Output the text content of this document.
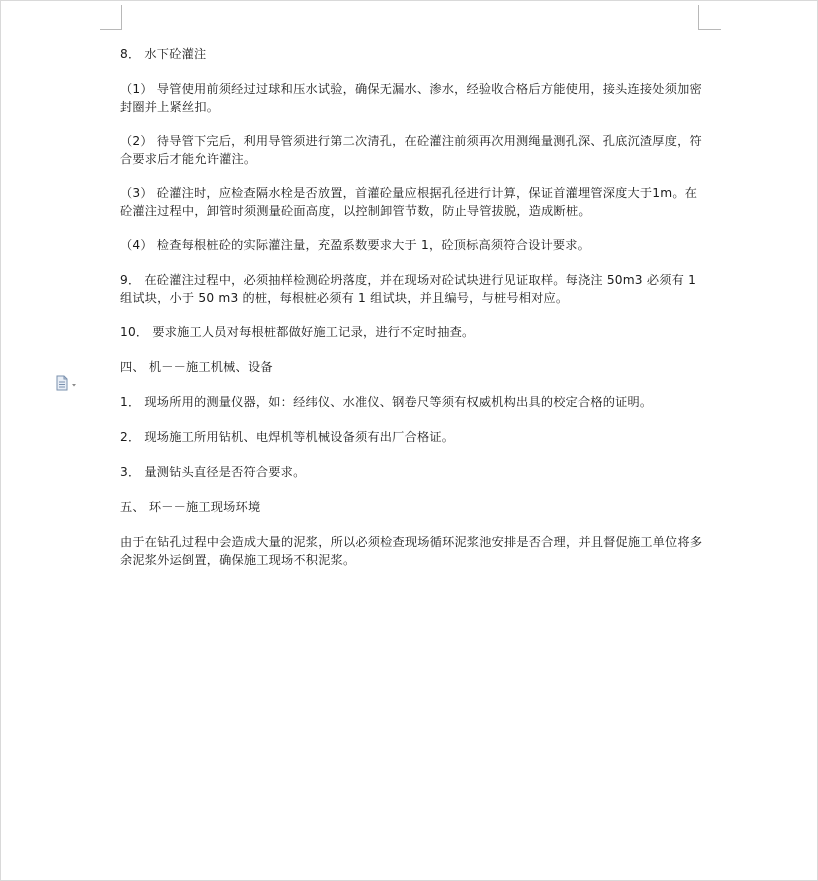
8． 水下砼灌注

（1） 导管使用前须经过过球和压水试验，确保无漏水、渗水，经验收合格后方能使用，接头连接处须加密封圈并上紧丝扣。

（2） 待导管下完后，利用导管须进行第二次清孔，在砼灌注前须再次用测绳量测孔深、孔底沉渣厚度，符合要求后才能允许灌注。

（3） 砼灌注时，应检查隔水栓是否放置，首灌砼量应根据孔径进行计算，保证首灌埋管深度大于1m。在砼灌注过程中，卸管时须测量砼面高度，以控制卸管节数，防止导管拔脱，造成断桩。

（4） 检查每根桩砼的实际灌注量，充盈系数要求大于 1，砼顶标高须符合设计要求。

9． 在砼灌注过程中，必须抽样检测砼坍落度，并在现场对砼试块进行见证取样。每浇注 50m3 必须有 1 组试块，小于 50 m3 的桩，每根桩必须有 1 组试块，并且编号，与桩号相对应。

10． 要求施工人员对每根桩都做好施工记录，进行不定时抽查。

四、 机－－施工机械、设备

1． 现场所用的测量仪器，如：经纬仪、水准仪、钢卷尺等须有权威机构出具的校定合格的证明。

2． 现场施工所用钻机、电焊机等机械设备须有出厂合格证。

3． 量测钻头直径是否符合要求。

五、 环－－施工现场环境

由于在钻孔过程中会造成大量的泥浆，所以必须检查现场循环泥浆池安排是否合理，并且督促施工单位将多余泥浆外运倒置，确保施工现场不积泥浆。
